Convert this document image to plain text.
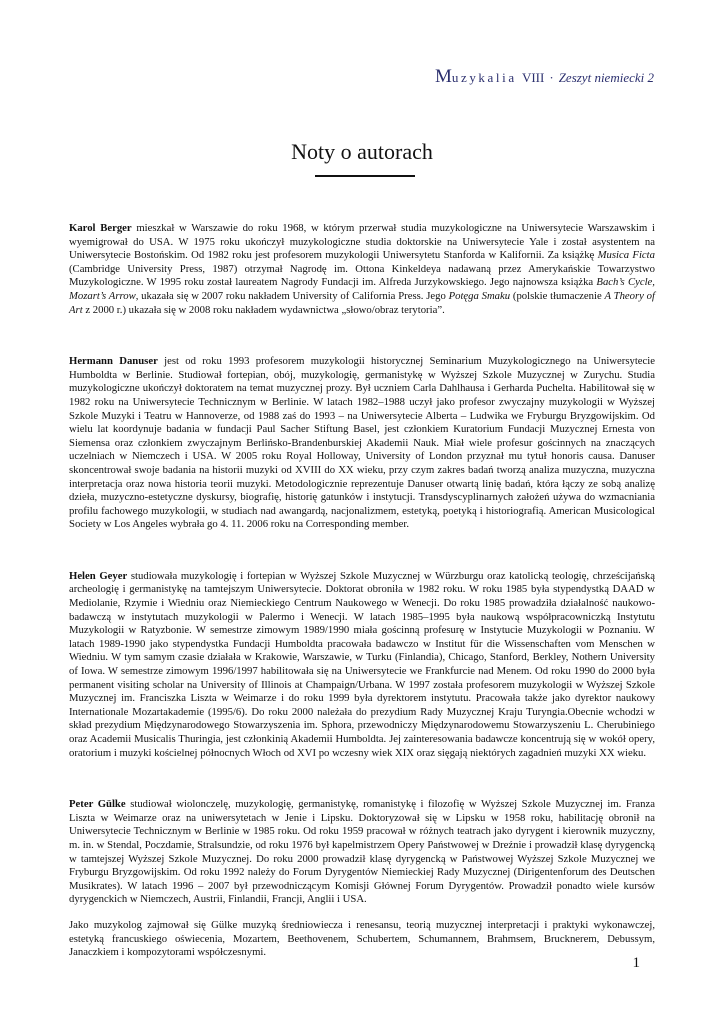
Muzykalia VIII · Zeszyt niemiecki 2
Noty o autorach

Karol Berger mieszkał w Warszawie do roku 1968, w którym przerwał studia muzykologiczne na Uniwersytecie Warszawskim i wyemigrował do USA. W 1975 roku ukończył muzykologiczne studia doktorskie na Uniwersytecie Yale i został asystentem na Uniwersytecie Bostońskim. Od 1982 roku jest profesorem muzykologii Uniwersytetu Stanforda w Kalifornii. Za książkę Musica Ficta (Cambridge University Press, 1987) otrzymał Nagrodę im. Ottona Kinkeldeya nadawaną przez Amerykańskie Towarzystwo Muzykologiczne. W 1995 roku został laureatem Nagrody Fundacji im. Alfreda Jurzykowskiego. Jego najnowsza książka Bach’s Cycle, Mozart’s Arrow, ukazała się w 2007 roku nakładem University of California Press. Jego Potęga Smaku (polskie tłumaczenie A Theory of Art z 2000 r.) ukazała się w 2008 roku nakładem wydawnictwa „słowo/obraz terytoria”.

Hermann Danuser jest od roku 1993 profesorem muzykologii historycznej Seminarium Muzykologicznego na Uniwersytecie Humboldta w Berlinie. Studiował fortepian, obój, muzykologię, germanistykę w Wyższej Szkole Muzycznej w Zurychu. Studia muzykologiczne ukończył doktoratem na temat muzycznej prozy. Był uczniem Carla Dahlhausa i Gerharda Puchelta. Habilitował się w 1982 roku na Uniwersytecie Technicznym w Berlinie. W latach 1982–1988 uczył jako profesor zwyczajny muzykologii w Wyższej Szkole Muzyki i Teatru w Hannoverze, od 1988 zaś do 1993 – na Uniwersytecie Alberta – Ludwika we Fryburgu Bryzgowijskim. Od wielu lat koordynuje badania w fundacji Paul Sacher Stiftung Basel, jest członkiem Kuratorium Fundacji Muzycznej Ernesta von Siemensa oraz członkiem zwyczajnym Berlińsko-Brandenburskiej Akademii Nauk. Miał wiele profesur gościnnych na znaczących uczelniach w Niemczech i USA. W 2005 roku Royal Holloway, University of London przyznał mu tytuł honoris causa. Danuser skoncentrował swoje badania na historii muzyki od XVIII do XX wieku, przy czym zakres badań tworzą analiza muzyczna, muzyczna interpretacja oraz nowa historia teorii muzyki. Metodologicznie reprezentuje Danuser otwartą linię badań, która łączy ze sobą analizę dzieła, muzyczno-estetyczne dyskursy, biografię, historię gatunków i instytucji. Transdyscyplinarnych założeń używa do wzmacniania profilu fachowego muzykologii, w studiach nad awangardą, nacjonalizmem, estetyką, poetyką i historiografią. American Musicological Society w Los Angeles wybrała go 4. 11. 2006 roku na Corresponding member.

Helen Geyer studiowała muzykologię i fortepian w Wyższej Szkole Muzycznej w Würzburgu oraz katolicką teologię, chrześcijańską archeologię i germanistykę na tamtejszym Uniwersytecie. Doktorat obroniła w 1982 roku. W roku 1985 była stypendystką DAAD w Mediolanie, Rzymie i Wiedniu oraz Niemieckiego Centrum Naukowego w Wenecji. Do roku 1985 prowadziła działalność naukowo-badawczą w instytutach muzykologii w Palermo i Wenecji. W latach 1985–1995 była naukową współpracowniczką Instytutu Muzykologii w Ratyzbonie. W semestrze zimowym 1989/1990 miała gościnną profesurę w Instytucie Muzykologii w Poznaniu. W latach 1989-1990 jako stypendystka Fundacji Humboldta pracowała badawczo w Institut für die Wissenschaften vom Menschen w Wiedniu. W tym samym czasie działała w Krakowie, Warszawie, w Turku (Finlandia), Chicago, Stanford, Berkley, Nothern University of Iowa. W semestrze zimowym 1996/1997 habilitowała się na Uniwersytecie we Frankfurcie nad Menem. Od roku 1990 do 2000 była permanent visiting scholar na University of Illinois at Champaign/Urbana. W 1997 została profesorem muzykologii w Wyższej Szkole Muzycznej im. Franciszka Liszta w Weimarze i do roku 1999 była dyrektorem instytutu. Pracowała także jako dyrektor naukowy Internationale Mozartakademie (1995/6). Do roku 2000 należała do prezydium Rady Muzycznej Kraju Turyngia.Obecnie wchodzi w skład prezydium Międzynarodowego Stowarzyszenia im. Sphora, przewodniczy Międzynarodowemu Stowarzyszeniu L. Cherubiniego oraz Academii Musicalis Thuringia, jest członkinią Akademii Humboldta. Jej zainteresowania badawcze koncentrują się w wokół opery, oratorium i muzyki kościelnej północnych Włoch od XVI po wczesny wiek XIX oraz sięgają niektórych zagadnień muzyki XX wieku.

Peter Gülke studiował wiolonczelę, muzykologię, germanistykę, romanistykę i filozofię w Wyższej Szkole Muzycznej im. Franza Liszta w Weimarze oraz na uniwersytetach w Jenie i Lipsku. Doktoryzował się w Lipsku w 1958 roku, habilitację obronił na Uniwersytecie Technicznym w Berlinie w 1985 roku. Od roku 1959 pracował w różnych teatrach jako dyrygent i kierownik muzyczny, m. in. w Stendal, Poczdamie, Stralsundzie, od roku 1976 był kapelmistrzem Opery Państwowej w Dreźnie i prowadził klasę dyrygencką w tamtejszej Wyższej Szkole Muzycznej. Do roku 2000 prowadził klasę dyrygencką w Państwowej Wyższej Szkole Muzycznej we Fryburgu Bryzgowijskim. Od roku 1992 należy do Forum Dyrygentów Niemieckiej Rady Muzycznej (Dirigentenforum des Deutschen Musikrates). W latach 1996 – 2007 był przewodniczącym Komisji Głównej Forum Dyrygentów. Prowadził ponadto wiele kursów dyrygenckich w Niemczech, Austrii, Finlandii, Francji, Anglii i USA.

Jako muzykolog zajmował się Gülke muzyką średniowiecza i renesansu, teorią muzycznej interpretacji i praktyki wykonawczej, estetyką francuskiego oświecenia, Mozartem, Beethovenem, Schubertem, Schumannem, Brahmsem, Brucknerem, Debussym, Janaczkiem i kompozytorami współczesnymi.

1
